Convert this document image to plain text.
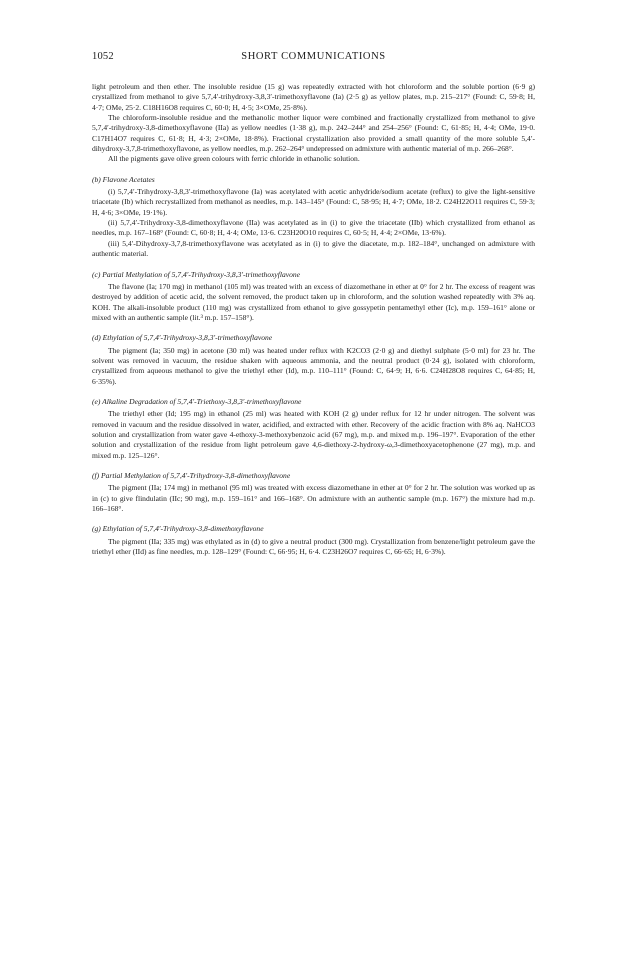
1052	SHORT COMMUNICATIONS

light petroleum and then ether. The insoluble residue (15 g) was repeatedly extracted with hot chloroform and the soluble portion (6·9 g) crystallized from methanol to give 5,7,4′-trihydroxy-3,8,3′-trimethoxyflavone (Ia) (2·5 g) as yellow plates, m.p. 215–217° (Found: C, 59·8; H, 4·7; OMe, 25·2. C18H16O8 requires C, 60·0; H, 4·5; 3×OMe, 25·8%).

The chloroform-insoluble residue and the methanolic mother liquor were combined and fractionally crystallized from methanol to give 5,7,4′-trihydroxy-3,8-dimethoxyflavone (IIa) as yellow needles (1·38 g), m.p. 242–244° and 254–256° (Found: C, 61·85; H, 4·4; OMe, 19·0. C17H14O7 requires C, 61·8; H, 4·3; 2×OMe, 18·8%). Fractional crystallization also provided a small quantity of the more soluble 5,4′-dihydroxy-3,7,8-trimethoxyflavone, as yellow needles, m.p. 262–264° undepressed on admixture with authentic material of m.p. 266–268°.

All the pigments gave olive green colours with ferric chloride in ethanolic solution.

(b) Flavone Acetates

(i) 5,7,4′-Trihydroxy-3,8,3′-trimethoxyflavone (Ia) was acetylated with acetic anhydride/sodium acetate (reflux) to give the light-sensitive triacetate (Ib) which recrystallized from methanol as needles, m.p. 143–145° (Found: C, 58·95; H, 4·7; OMe, 18·2. C24H22O11 requires C, 59·3; H, 4·6; 3×OMe, 19·1%).

(ii) 5,7,4′-Trihydroxy-3,8-dimethoxyflavone (IIa) was acetylated as in (i) to give the triacetate (IIb) which crystallized from ethanol as needles, m.p. 167–168° (Found: C, 60·8; H, 4·4; OMe, 13·6. C23H20O10 requires C, 60·5; H, 4·4; 2×OMe, 13·6%).

(iii) 5,4′-Dihydroxy-3,7,8-trimethoxyflavone was acetylated as in (i) to give the diacetate, m.p. 182–184°, unchanged on admixture with authentic material.

(c) Partial Methylation of 5,7,4′-Trihydroxy-3,8,3′-trimethoxyflavone

The flavone (Ia; 170 mg) in methanol (105 ml) was treated with an excess of diazomethane in ether at 0° for 2 hr. The excess of reagent was destroyed by addition of acetic acid, the solvent removed, the product taken up in chloroform, and the solution washed repeatedly with 3% aq. KOH. The alkali-insoluble product (110 mg) was crystallized from ethanol to give gossypetin pentamethyl ether (Ic), m.p. 159–161° alone or mixed with an authentic sample (lit.³ m.p. 157–158°).

(d) Ethylation of 5,7,4′-Trihydroxy-3,8,3′-trimethoxyflavone

The pigment (Ia; 350 mg) in acetone (30 ml) was heated under reflux with K2CO3 (2·0 g) and diethyl sulphate (5·0 ml) for 23 hr. The solvent was removed in vacuum, the residue shaken with aqueous ammonia, and the neutral product (0·24 g), isolated with chloroform, crystallized from aqueous methanol to give the triethyl ether (Id), m.p. 110–111° (Found: C, 64·9; H, 6·6. C24H28O8 requires C, 64·85; H, 6·35%).

(e) Alkaline Degradation of 5,7,4′-Triethoxy-3,8,3′-trimethoxyflavone

The triethyl ether (Id; 195 mg) in ethanol (25 ml) was heated with KOH (2 g) under reflux for 12 hr under nitrogen. The solvent was removed in vacuum and the residue dissolved in water, acidified, and extracted with ether. Recovery of the acidic fraction with 8% aq. NaHCO3 solution and crystallization from water gave 4-ethoxy-3-methoxybenzoic acid (67 mg), m.p. and mixed m.p. 196–197°. Evaporation of the ether solution and crystallization of the residue from light petroleum gave 4,6-diethoxy-2-hydroxy-ω,3-dimethoxyacetophenone (27 mg), m.p. and mixed m.p. 125–126°.

(f) Partial Methylation of 5,7,4′-Trihydroxy-3,8-dimethoxyflavone

The pigment (IIa; 174 mg) in methanol (95 ml) was treated with excess diazomethane in ether at 0° for 2 hr. The solution was worked up as in (c) to give flindulatin (IIc; 90 mg), m.p. 159–161° and 166–168°. On admixture with an authentic sample (m.p. 167°) the mixture had m.p. 166–168°.

(g) Ethylation of 5,7,4′-Trihydroxy-3,8-dimethoxyflavone

The pigment (IIa; 335 mg) was ethylated as in (d) to give a neutral product (300 mg). Crystallization from benzene/light petroleum gave the triethyl ether (IId) as fine needles, m.p. 128–129° (Found: C, 66·95; H, 6·4. C23H26O7 requires C, 66·65; H, 6·3%).
